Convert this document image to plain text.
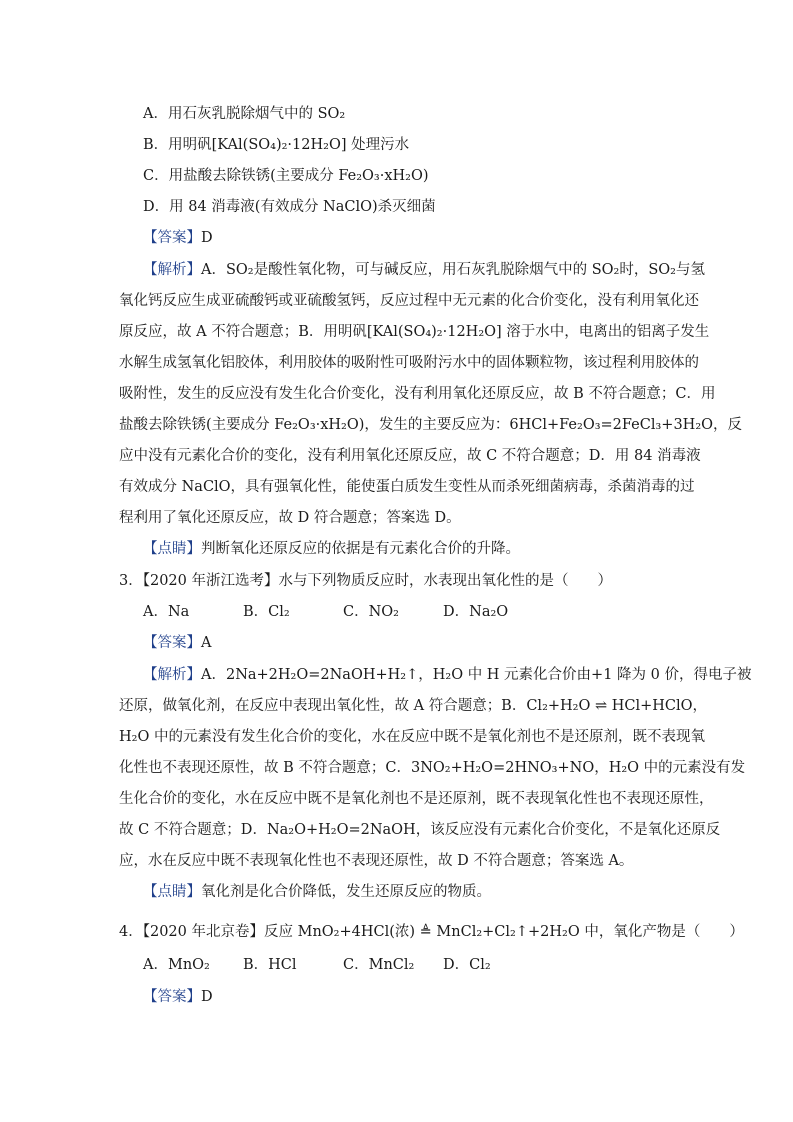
A．用石灰乳脱除烟气中的 SO₂
B．用明矾[KAl(SO₄)₂·12H₂O] 处理污水
C．用盐酸去除铁锈(主要成分 Fe₂O₃·xH₂O)
D．用 84 消毒液(有效成分 NaClO)杀灭细菌
【答案】D
【解析】A．SO₂是酸性氧化物，可与碱反应，用石灰乳脱除烟气中的 SO₂时，SO₂与氢
氧化钙反应生成亚硫酸钙或亚硫酸氢钙，反应过程中无元素的化合价变化，没有利用氧化还
原反应，故 A 不符合题意；B．用明矾[KAl(SO₄)₂·12H₂O] 溶于水中，电离出的铝离子发生
水解生成氢氧化铝胶体，利用胶体的吸附性可吸附污水中的固体颗粒物，该过程利用胶体的
吸附性，发生的反应没有发生化合价变化，没有利用氧化还原反应，故 B 不符合题意；C．用
盐酸去除铁锈(主要成分 Fe₂O₃·xH₂O)，发生的主要反应为：6HCl+Fe₂O₃=2FeCl₃+3H₂O，反
应中没有元素化合价的变化，没有利用氧化还原反应，故 C 不符合题意；D．用 84 消毒液
有效成分 NaClO，具有强氧化性，能使蛋白质发生变性从而杀死细菌病毒，杀菌消毒的过
程利用了氧化还原反应，故 D 符合题意；答案选 D。
【点睛】判断氧化还原反应的依据是有元素化合价的升降。
3．【2020 年浙江选考】水与下列物质反应时，水表现出氧化性的是（　　）
A．Na	B．Cl₂	C．NO₂	D．Na₂O
【答案】A
【解析】A．2Na+2H₂O=2NaOH+H₂↑，H₂O 中 H 元素化合价由+1 降为 0 价，得电子被
还原，做氧化剂，在反应中表现出氧化性，故 A 符合题意；B．Cl₂+H₂O ⇌ HCl+HClO，
H₂O 中的元素没有发生化合价的变化，水在反应中既不是氧化剂也不是还原剂，既不表现氧
化性也不表现还原性，故 B 不符合题意；C．3NO₂+H₂O=2HNO₃+NO，H₂O 中的元素没有发
生化合价的变化，水在反应中既不是氧化剂也不是还原剂，既不表现氧化性也不表现还原性，
故 C 不符合题意；D．Na₂O+H₂O=2NaOH，该反应没有元素化合价变化，不是氧化还原反
应，水在反应中既不表现氧化性也不表现还原性，故 D 不符合题意；答案选 A。
【点睛】氧化剂是化合价降低，发生还原反应的物质。
4．【2020 年北京卷】反应 MnO₂+4HCl(浓) ≜ MnCl₂+Cl₂↑+2H₂O 中，氧化产物是（　　）
A．MnO₂ B．HCl	C．MnCl₂ D．Cl₂
【答案】D
